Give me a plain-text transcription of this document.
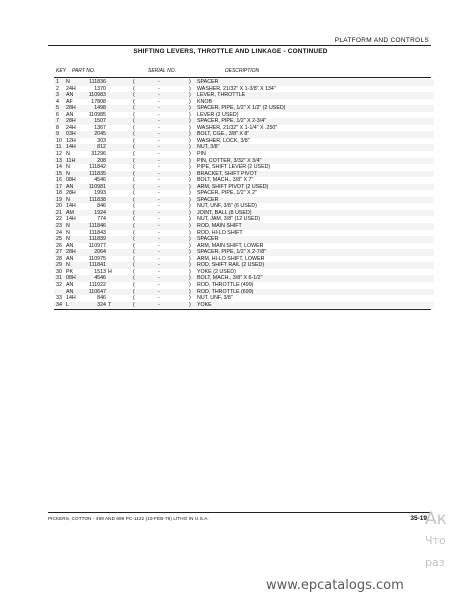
PLATFORM AND CONTROLS
SHIFTING LEVERS, THROTTLE AND LINKAGE - CONTINUED
KEY PART NO.	SERIAL NO.	DESCRIPTION
1	N	111836	(	-	) SPACER
2	24H	1370	(	-	) WASHER, 21/32" X 1-3/8" X 134"
3	AN	110983	(	-	) LEVER, THROTTLE
4	AF	17808	(	-	) KNOB
5	28H	1498	(	-	) SPACER, PIPE, 1/2" X 1/2" (2 USED)
6	AN	110985	(	-	) LEVER (2 USED)
7	28H	1507	(	-	) SPACER, PIPE, 1/2" X 2-3/4"
8	24H	1367	(	-	) WASHER, 21/32" X 1-1/4" X .250"
9	03H	2045	(	-	) BOLT, CGE., 3/8" X 8"
10 12H	303	(	-	) WASHER, LOCK, 3/8"
11 14H	812	(	-	) NUT, 3/8"
12 N	31296	(	-	) PIN
13 11H	208	(	-	) PIN, COTTER, 3/32" X 3/4"
14 N	111842	(	-	) PIPE, SHIFT LEVER (2 USED)
15 N	111835	(	-	) BRACKET, SHIFT PIVOT
16 08H	4546	(	-	) BOLT, MACH., 3/8" X 7"
17 AN	110981	(	-	) ARM, SHIFT PIVOT (2 USED)
18 28H	1993	(	-	) SPACER, PIPE, 1/2" X 2"
19 N	111838	(	-	) SPACER
20 14H	846	(	-	) NUT, UNF, 3/8" (6 USED)
21 AM	1924	(	-	) JOINT, BALL (8 USED)
22 14H	774	(	-	) NUT, JAM, 3/8" (12 USED)
23 N	111846	(	-	) ROD, MAIN SHIFT
24 N	111843	(	-	) ROD, HI-LO SHIFT
25 N	111839	(	-	) SPACER
26 AN	110977	(	-	) ARM, MAIN SHIFT, LOWER
27 28H	2064	(	-	) SPACER, PIPE, 1/2" X 2-7/8"
28 AN	110975	(	-	) ARM, HI-LO SHIFT, LOWER
29 N	111841	(	-	) ROD, SHIFT RAIL (2 USED)
30 PK	1513 H	(	-	) YOKE (2 USED)
31 08H	4546	(	-	) BOLT, MACH., 3/8" X 6-1/2"
32 AN	111022	(	-	) ROD, THROTTLE (499)
AN	110647	(	-	) ROD, THROTTLE (699)
33 14H	846	(	-	) NUT, UNF, 3/8"
34 L	324 T	(	-	) YOKE
PICKERS, COTTON - 499 AND 699 PC-1122 (10-FEB-79) LITHO IN U.S.A.	35-19
Ак
Что
раз
www.epcatalogs.com
